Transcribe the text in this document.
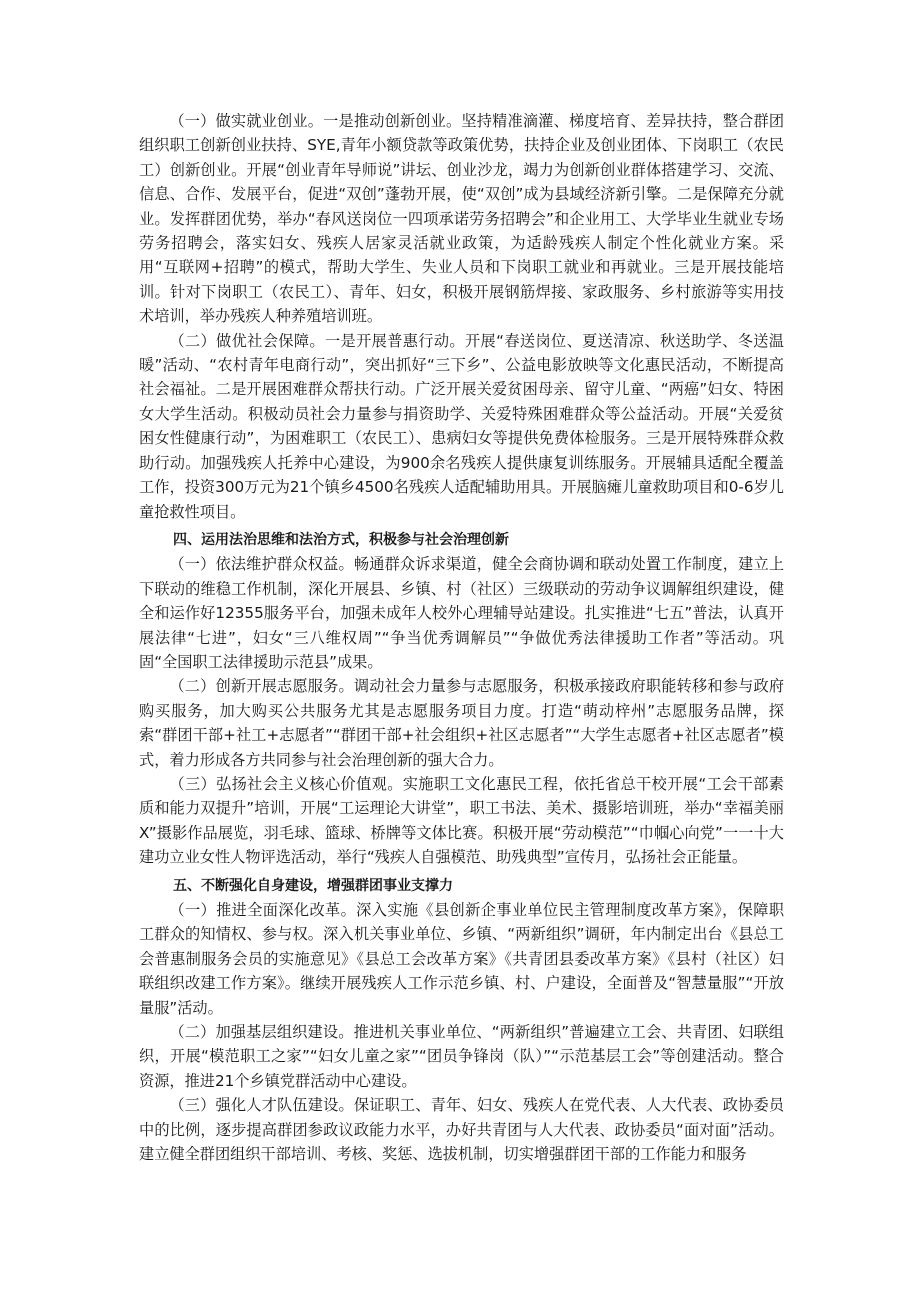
（一）做实就业创业。一是推动创新创业。坚持精准滴灌、梯度培育、差异扶持，整合群团组织职工创新创业扶持、SYE,青年小额贷款等政策优势，扶持企业及创业团体、下岗职工（农民工）创新创业。开展“创业青年导师说”讲坛、创业沙龙，竭力为创新创业群体搭建学习、交流、信息、合作、发展平台，促进“双创”蓬勃开展，使“双创”成为县域经济新引擎。二是保障充分就业。发挥群团优势，举办“春风送岗位一四项承诺劳务招聘会”和企业用工、大学毕业生就业专场劳务招聘会，落实妇女、残疾人居家灵活就业政策，为适龄残疾人制定个性化就业方案。采用“互联网+招聘”的模式，帮助大学生、失业人员和下岗职工就业和再就业。三是开展技能培训。针对下岗职工（农民工）、青年、妇女，积极开展钢筋焊接、家政服务、乡村旅游等实用技术培训，举办残疾人种养殖培训班。

（二）做优社会保障。一是开展普惠行动。开展“春送岗位、夏送清凉、秋送助学、冬送温暖”活动、“农村青年电商行动”，突出抓好“三下乡”、公益电影放映等文化惠民活动，不断提高社会福祉。二是开展困难群众帮扶行动。广泛开展关爱贫困母亲、留守儿童、“两癌”妇女、特困女大学生活动。积极动员社会力量参与捐资助学、关爱特殊困难群众等公益活动。开展“关爱贫困女性健康行动”，为困难职工（农民工）、患病妇女等提供免费体检服务。三是开展特殊群众救助行动。加强残疾人托养中心建设，为900余名残疾人提供康复训练服务。开展辅具适配全覆盖工作，投资300万元为21个镇乡4500名残疾人适配辅助用具。开展脑瘫儿童救助项目和0-6岁儿童抢救性项目。

四、运用法治思维和法治方式，积极参与社会治理创新

（一）依法维护群众权益。畅通群众诉求渠道，健全会商协调和联动处置工作制度，建立上下联动的维稳工作机制，深化开展县、乡镇、村（社区）三级联动的劳动争议调解组织建设，健全和运作好12355服务平台，加强未成年人校外心理辅导站建设。扎实推进“七五”普法，认真开展法律“七进”，妇女“三八维权周”“争当优秀调解员”“争做优秀法律援助工作者”等活动。巩固“全国职工法律援助示范县”成果。

（二）创新开展志愿服务。调动社会力量参与志愿服务，积极承接政府职能转移和参与政府购买服务，加大购买公共服务尤其是志愿服务项目力度。打造“萌动梓州”志愿服务品牌，探索“群团干部+社工+志愿者”“群团干部+社会组织+社区志愿者”“大学生志愿者+社区志愿者”模式，着力形成各方共同参与社会治理创新的强大合力。

（三）弘扬社会主义核心价值观。实施职工文化惠民工程，依托省总干校开展“工会干部素质和能力双提升”培训，开展“工运理论大讲堂”，职工书法、美术、摄影培训班，举办“幸福美丽X”摄影作品展览，羽毛球、篮球、桥牌等文体比赛。积极开展“劳动模范”“巾帼心向党”一一十大建功立业女性人物评选活动，举行“残疾人自强模范、助残典型”宣传月，弘扬社会正能量。

五、不断强化自身建设，增强群团事业支撑力

（一）推进全面深化改革。深入实施《县创新企事业单位民主管理制度改革方案》，保障职工群众的知情权、参与权。深入机关事业单位、乡镇、“两新组织”调研，年内制定出台《县总工会普惠制服务会员的实施意见》《县总工会改革方案》《共青团县委改革方案》《县村（社区）妇联组织改建工作方案》。继续开展残疾人工作示范乡镇、村、户建设，全面普及“智慧量服”“开放量服”活动。

（二）加强基层组织建设。推进机关事业单位、“两新组织”普遍建立工会、共青团、妇联组织，开展“模范职工之家”“妇女儿童之家”“团员争锋岗（队）”“示范基层工会”等创建活动。整合资源，推进21个乡镇党群活动中心建设。

（三）强化人才队伍建设。保证职工、青年、妇女、残疾人在党代表、人大代表、政协委员中的比例，逐步提高群团参政议政能力水平，办好共青团与人大代表、政协委员“面对面”活动。建立健全群团组织干部培训、考核、奖惩、选拔机制，切实增强群团干部的工作能力和服务
